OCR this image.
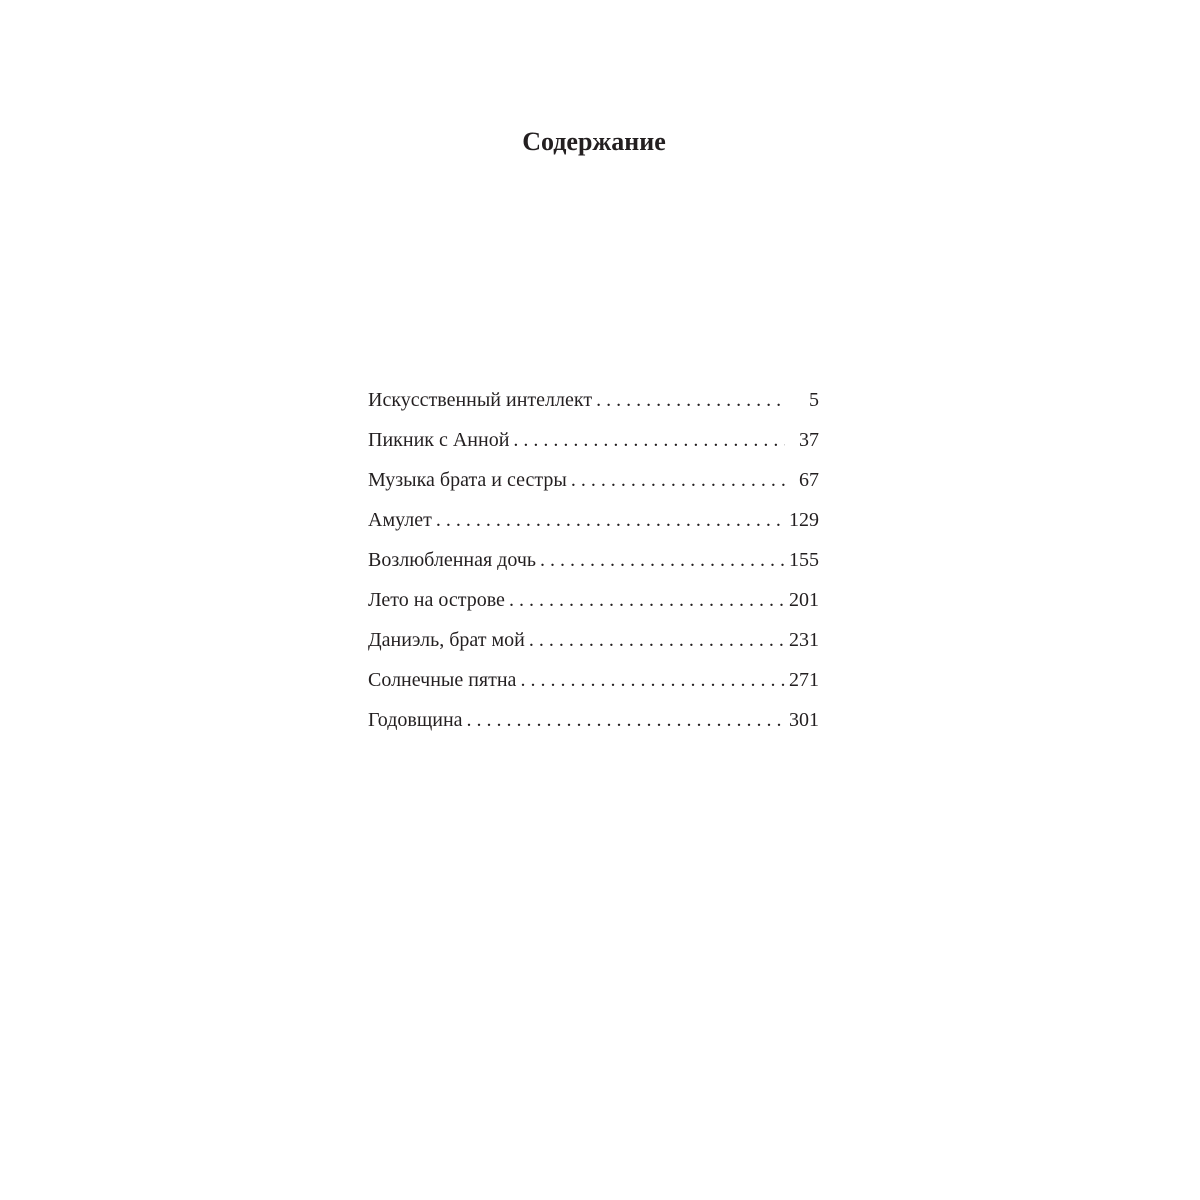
Содержание
Искусственный интеллект . . .	5
Пикник с Анной . . .	37
Музыка брата и сестры . . .	67
Амулет . . .	129
Возлюбленная дочь . . .	155
Лето на острове . . .	201
Даниэль, брат мой . . .	231
Солнечные пятна . . .	271
Годовщина . . .	301
